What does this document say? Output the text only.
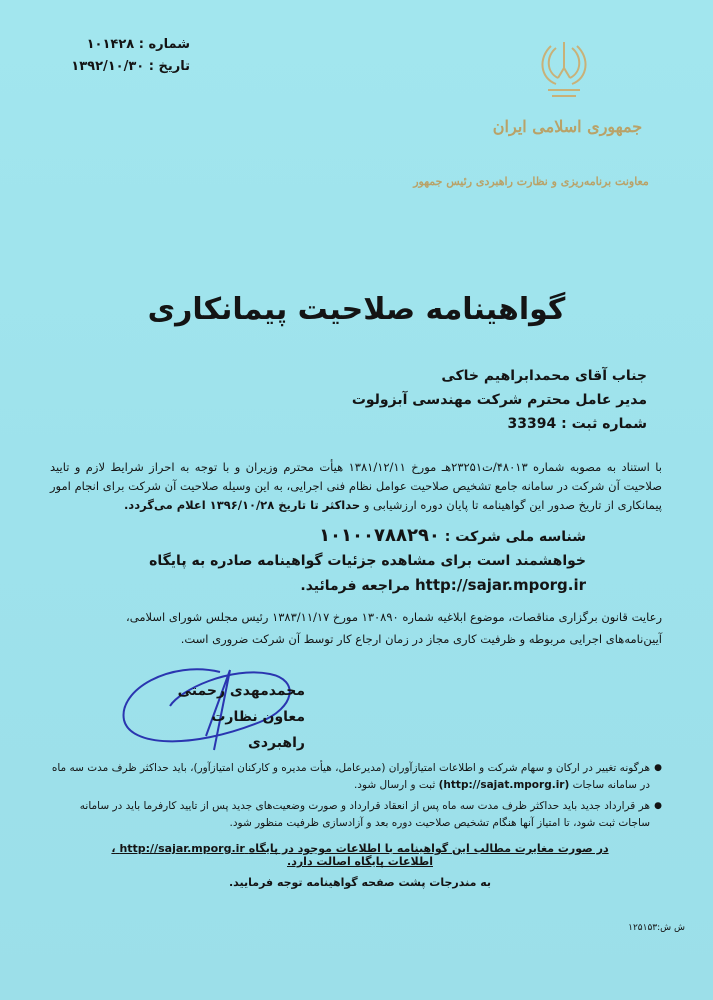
شماره : ۱۰۱۴۲۸
تاریخ : ۱۳۹۲/۱۰/۳۰
جمهوری اسلامی ایران
معاونت برنامه‌ریزی و نظارت راهبردی رئیس جمهور
گواهینامه صلاحیت پیمانکاری
جناب آقای محمدابراهیم خاکی
مدیر عامل محترم شرکت مهندسی آبزولوت
شماره ثبت : 33394
با استناد به مصوبه شماره ۴۸۰۱۳/ت۲۳۲۵۱هـ مورخ ۱۳۸۱/۱۲/۱۱ هیأت محترم وزیران و با توجه به احراز شرایط لازم و تایید صلاحیت آن شرکت در سامانه جامع تشخیص صلاحیت عوامل نظام فنی اجرایی، به این وسیله صلاحیت آن شرکت برای انجام امور پیمانکاری از تاریخ صدور این گواهینامه تا پایان دوره ارزشیابی و حداکثر تا تاریخ ۱۳۹۶/۱۰/۲۸ اعلام می‌گردد.
شناسه ملی شرکت : ۱۰۱۰۰۷۸۸۲۹۰
خواهشمند است برای مشاهده جزئیات گواهینامه صادره به پایگاه
http://sajar.mporg.ir مراجعه فرمائید.
رعایت قانون برگزاری مناقصات، موضوع ابلاغیه شماره ۱۳۰۸۹۰ مورخ ۱۳۸۳/۱۱/۱۷ رئیس مجلس شورای اسلامی،
آیین‌نامه‌های اجرایی مربوطه و ظرفیت کاری مجاز در زمان ارجاع کار توسط آن شرکت ضروری است.
محمدمهدی رحمتی
معاون نظارت راهبردی
● هرگونه تغییر در ارکان و سهام شرکت و اطلاعات امتیازآوران (مدیرعامل، هیأت مدیره و کارکنان امتیازآور)، باید حداکثر ظرف مدت سه ماه در سامانه ساجات (http://sajat.mporg.ir) ثبت و ارسال شود.
● هر قرارداد جدید باید حداکثر ظرف مدت سه ماه پس از انعقاد قرارداد و صورت وضعیت‌های جدید پس از تایید کارفرما باید در سامانه ساجات ثبت شود، تا امتیاز آنها هنگام تشخیص صلاحیت دوره بعد و آزادسازی ظرفیت منظور شود.
در صورت مغایرت مطالب این گواهینامه با اطلاعات موجود در پایگاه http://sajar.mporg.ir ، اطلاعات پایگاه اصالت دارد.
به مندرجات پشت صفحه گواهینامه توجه فرمایید.
ش ش:۱۲۵۱۵۳
